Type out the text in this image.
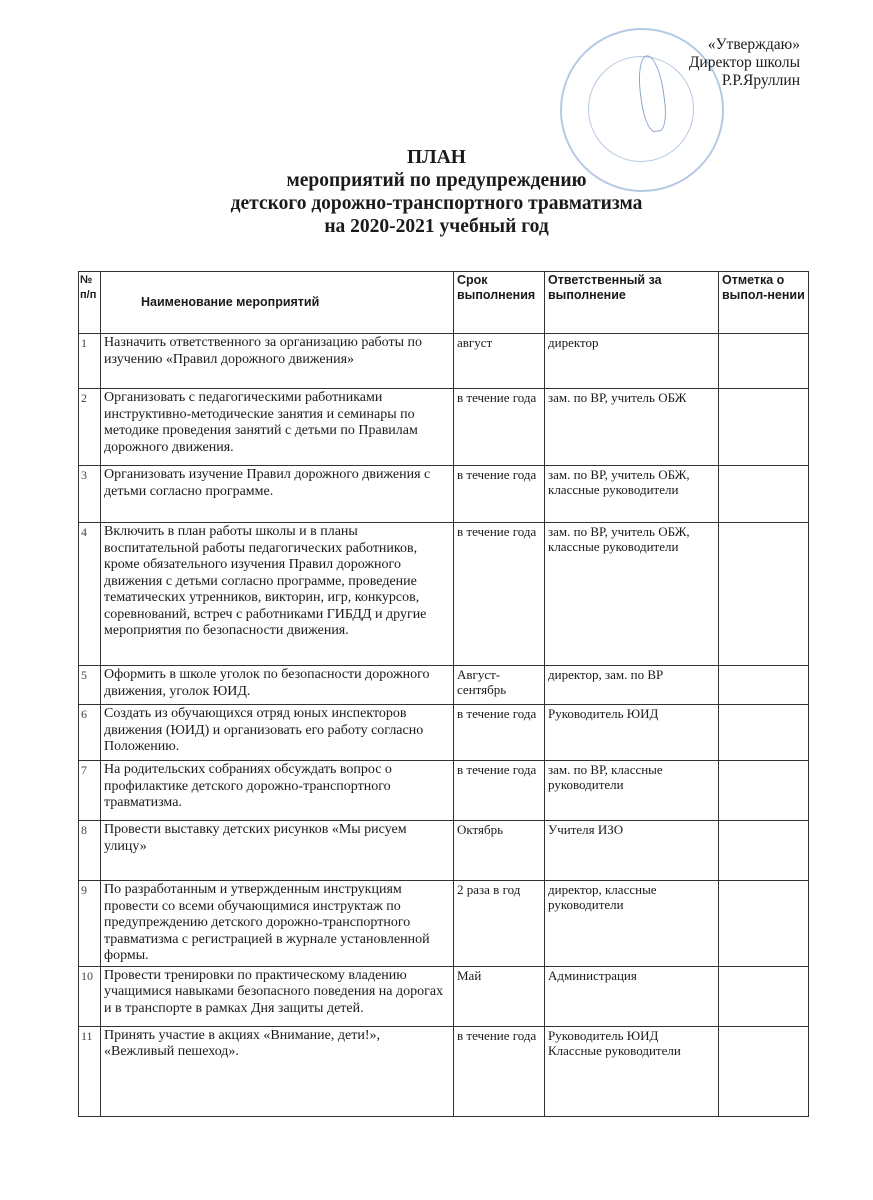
«Утверждаю»
Директор школы
Р.Р.Яруллин
ПЛАН
мероприятий по предупреждению
детского дорожно-транспортного травматизма
на 2020-2021 учебный год
№ п/п	Наименование мероприятий	Срок выполнения	Ответственный за выполнение	Отметка о выпол-нении
1	Назначить ответственного за организацию работы по изучению «Правил дорожного движения»	август	директор	
2	Организовать с педагогическими работниками инструктивно-методические занятия и семинары по методике проведения занятий с детьми по Правилам дорожного движения.	в течение года	зам. по ВР, учитель ОБЖ	
3	Организовать изучение Правил дорожного движения с детьми согласно программе.	в течение года	зам. по ВР, учитель ОБЖ, классные руководители	
4	Включить в план работы школы и в планы воспитательной работы педагогических работников, кроме обязательного изучения Правил дорожного движения с детьми согласно программе, проведение тематических утренников, викторин, игр, конкурсов, соревнований, встреч с работниками ГИБДД и другие мероприятия по безопасности движения.	в течение года	зам. по ВР, учитель ОБЖ, классные руководители	
5	Оформить в школе уголок по безопасности дорожного движения, уголок ЮИД.	Август-сентябрь	директор, зам. по ВР	
6	Создать из обучающихся отряд юных инспекторов движения (ЮИД) и организовать его работу согласно Положению.	в течение года	Руководитель ЮИД	
7	На родительских собраниях обсуждать вопрос о профилактике детского дорожно-транспортного травматизма.	в течение года	зам. по ВР, классные руководители	
8	Провести выставку детских рисунков «Мы рисуем улицу»	Октябрь	Учителя ИЗО	
9	По разработанным и утвержденным инструкциям провести со всеми обучающимися инструктаж по предупреждению детского дорожно-транспортного травматизма с регистрацией в журнале установленной формы.	2 раза в год	директор, классные руководители	
10	Провести тренировки по практическому владению учащимися навыками безопасного поведения на дорогах и в транспорте в рамках Дня защиты детей.	Май	Администрация	
11	Принять участие в акциях «Внимание, дети!», «Вежливый пешеход».	в течение года	Руководитель ЮИД Классные руководители	
